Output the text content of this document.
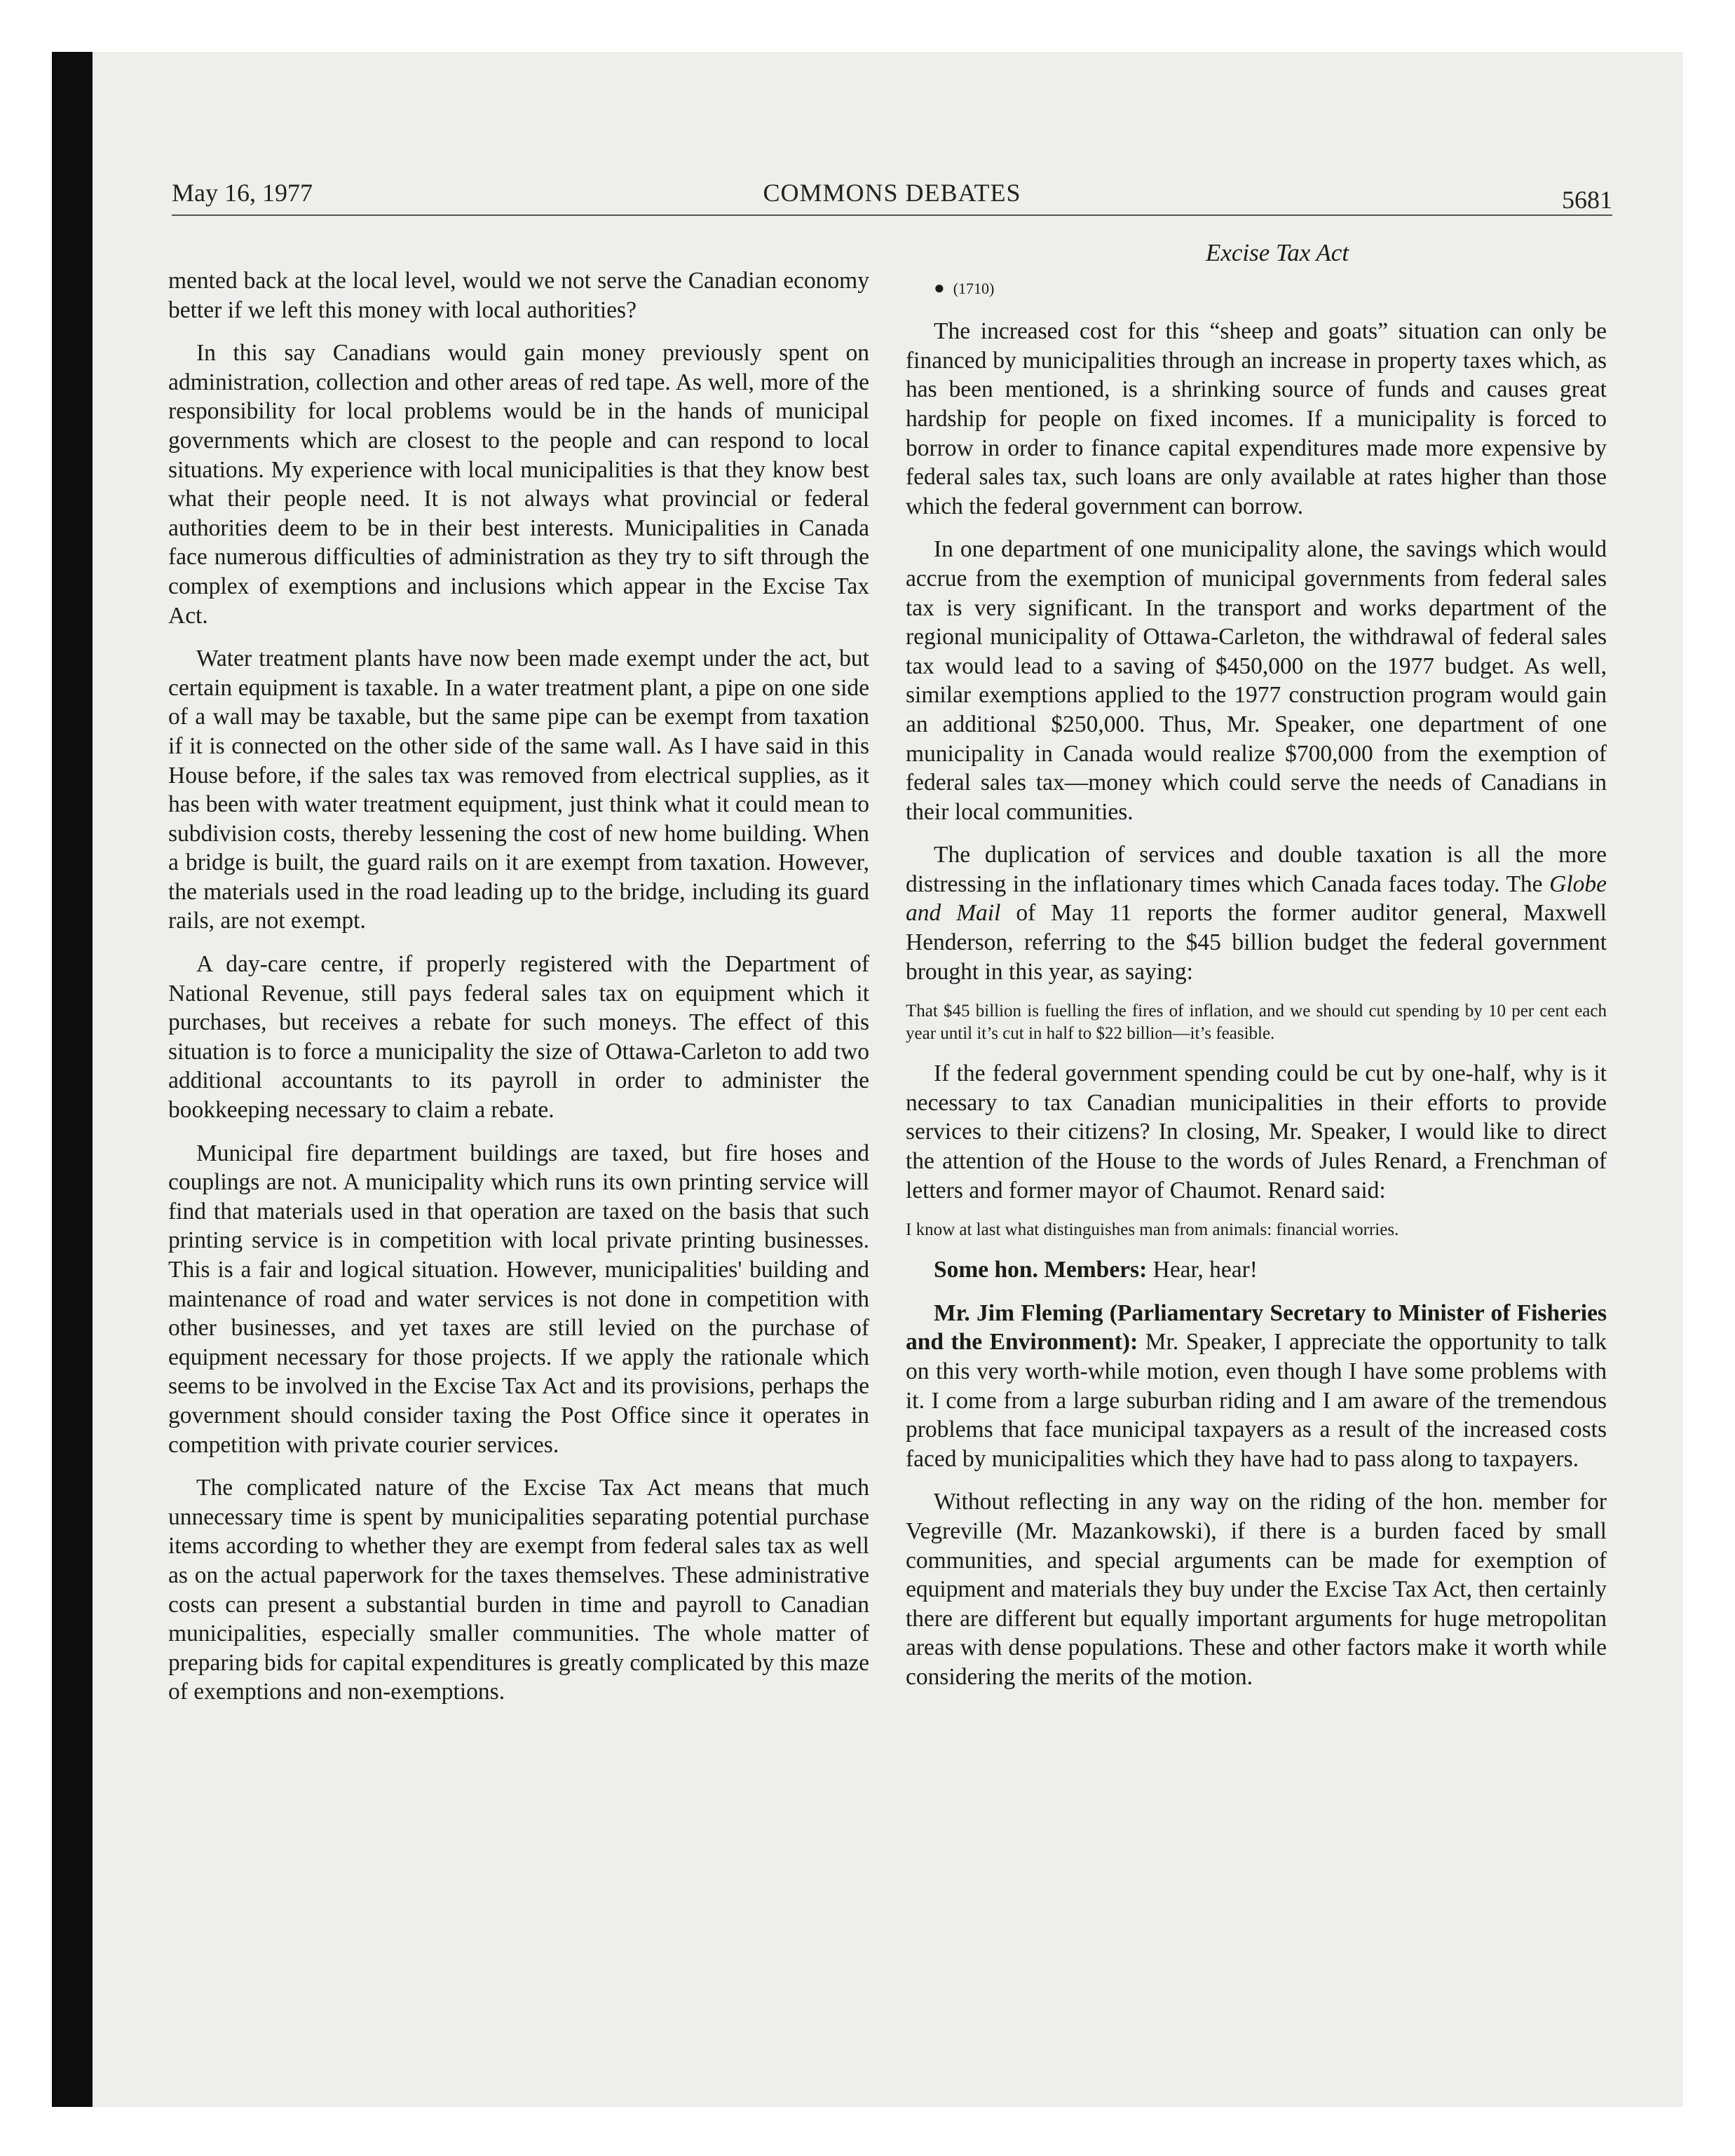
May 16, 1977	COMMONS DEBATES	5681

mented back at the local level, would we not serve the Canadian economy better if we left this money with local authorities?

In this say Canadians would gain money previously spent on administration, collection and other areas of red tape. As well, more of the responsibility for local problems would be in the hands of municipal governments which are closest to the people and can respond to local situations. My experience with local municipalities is that they know best what their people need. It is not always what provincial or federal authorities deem to be in their best interests. Municipalities in Canada face numerous difficulties of administration as they try to sift through the complex of exemptions and inclusions which appear in the Excise Tax Act.

Water treatment plants have now been made exempt under the act, but certain equipment is taxable. In a water treatment plant, a pipe on one side of a wall may be taxable, but the same pipe can be exempt from taxation if it is connected on the other side of the same wall. As I have said in this House before, if the sales tax was removed from electrical supplies, as it has been with water treatment equipment, just think what it could mean to subdivision costs, thereby lessening the cost of new home building. When a bridge is built, the guard rails on it are exempt from taxation. However, the materials used in the road leading up to the bridge, including its guard rails, are not exempt.

A day-care centre, if properly registered with the Department of National Revenue, still pays federal sales tax on equipment which it purchases, but receives a rebate for such moneys. The effect of this situation is to force a municipality the size of Ottawa-Carleton to add two additional accountants to its payroll in order to administer the bookkeeping necessary to claim a rebate.

Municipal fire department buildings are taxed, but fire hoses and couplings are not. A municipality which runs its own printing service will find that materials used in that operation are taxed on the basis that such printing service is in competition with local private printing businesses. This is a fair and logical situation. However, municipalities' building and maintenance of road and water services is not done in competition with other businesses, and yet taxes are still levied on the purchase of equipment necessary for those projects. If we apply the rationale which seems to be involved in the Excise Tax Act and its provisions, perhaps the government should consider taxing the Post Office since it operates in competition with private courier services.

The complicated nature of the Excise Tax Act means that much unnecessary time is spent by municipalities separating potential purchase items according to whether they are exempt from federal sales tax as well as on the actual paperwork for the taxes themselves. These administrative costs can present a substantial burden in time and payroll to Canadian municipalities, especially smaller communities. The whole matter of preparing bids for capital expenditures is greatly complicated by this maze of exemptions and non-exemptions.

Excise Tax Act

● (1710)

The increased cost for this “sheep and goats” situation can only be financed by municipalities through an increase in property taxes which, as has been mentioned, is a shrinking source of funds and causes great hardship for people on fixed incomes. If a municipality is forced to borrow in order to finance capital expenditures made more expensive by federal sales tax, such loans are only available at rates higher than those which the federal government can borrow.

In one department of one municipality alone, the savings which would accrue from the exemption of municipal governments from federal sales tax is very significant. In the transport and works department of the regional municipality of Ottawa-Carleton, the withdrawal of federal sales tax would lead to a saving of $450,000 on the 1977 budget. As well, similar exemptions applied to the 1977 construction program would gain an additional $250,000. Thus, Mr. Speaker, one department of one municipality in Canada would realize $700,000 from the exemption of federal sales tax—money which could serve the needs of Canadians in their local communities.

The duplication of services and double taxation is all the more distressing in the inflationary times which Canada faces today. The Globe and Mail of May 11 reports the former auditor general, Maxwell Henderson, referring to the $45 billion budget the federal government brought in this year, as saying:

That $45 billion is fuelling the fires of inflation, and we should cut spending by 10 per cent each year until it’s cut in half to $22 billion—it’s feasible.

If the federal government spending could be cut by one-half, why is it necessary to tax Canadian municipalities in their efforts to provide services to their citizens? In closing, Mr. Speaker, I would like to direct the attention of the House to the words of Jules Renard, a Frenchman of letters and former mayor of Chaumot. Renard said:

I know at last what distinguishes man from animals: financial worries.

Some hon. Members: Hear, hear!

Mr. Jim Fleming (Parliamentary Secretary to Minister of Fisheries and the Environment): Mr. Speaker, I appreciate the opportunity to talk on this very worth-while motion, even though I have some problems with it. I come from a large suburban riding and I am aware of the tremendous problems that face municipal taxpayers as a result of the increased costs faced by municipalities which they have had to pass along to taxpayers.

Without reflecting in any way on the riding of the hon. member for Vegreville (Mr. Mazankowski), if there is a burden faced by small communities, and special arguments can be made for exemption of equipment and materials they buy under the Excise Tax Act, then certainly there are different but equally important arguments for huge metropolitan areas with dense populations. These and other factors make it worth while considering the merits of the motion.
